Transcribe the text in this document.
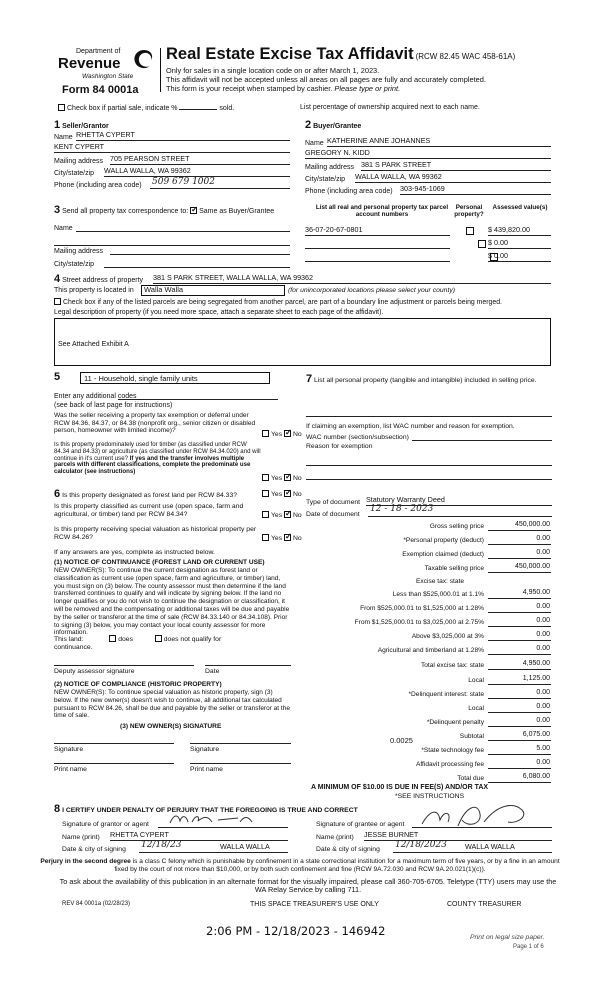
Department of
Revenue
Washington State
Form 84 0001a
Real Estate Excise Tax Affidavit (RCW 82.45 WAC 458-61A)
Only for sales in a single location code on or after March 1, 2023.
This affidavit will not be accepted unless all areas on all pages are fully and accurately completed.
This form is your receipt when stamped by cashier. Please type or print.
Check box if partial sale, indicate %	sold.	List percentage of ownership acquired next to each name.
1 Seller/Grantor
Name RHETTA CYPERT
KENT CYPERT
Mailing address 705 PEARSON STREET
City/state/zip WALLA WALLA, WA 99362
Phone (including area code) 509 679 1002
2 Buyer/Grantee
Name KATHERINE ANNE JOHANNES
GREGORY N. KIDD
Mailing address 381 S PARK STREET
City/state/zip WALLA WALLA, WA 99362
Phone (including area code) 303-945-1069
3 Send all property tax correspondence to: ✓ Same as Buyer/Grantee
Name
Mailing address
City/state/zip
List all real and personal property tax parcel account numbers
Personal property?
Assessed value(s)
36-07-20-67-0801
	$ 439,820.00
$ 0.00
$ 0.00
4 Street address of property 381 S PARK STREET, WALLA WALLA, WA 99362
This property is located in	Walla Walla	(for unincorporated locations please select your county)
Check box if any of the listed parcels are being segregated from another parcel, are part of a boundary line adjustment or parcels being merged.
Legal description of property (if you need more space, attach a separate sheet to each page of the affidavit).
See Attached Exhibit A
5	11 - Household, single family units
Enter any additional codes
(see back of last page for instructions)
Was the seller receiving a property tax exemption or deferral under RCW 84.36, 84.37, or 84.38 (nonprofit org., senior citizen or disabled person, homeowner with limited income)?
Yes ✓ No
Is this property predominately used for timber (as classified under RCW 84.34 and 84.33) or agriculture (as classified under RCW 84.34.020) and will continue in it's current use? If yes and the transfer involves multiple parcels with different classifications, complete the predominate use calculator (see instructions)
Yes ✓ No
6 Is this property designated as forest land per RCW 84.33?	Yes ✓ No
Is this property classified as current use (open space, farm and agricultural, or timber) land per RCW 84.34?	Yes ✓ No
Is this property receiving special valuation as historical property per RCW 84.26?	Yes ✓ No
If any answers are yes, complete as instructed below.
(1) NOTICE OF CONTINUANCE (FOREST LAND OR CURRENT USE)
NEW OWNER(S): To continue the current designation as forest land or classification as current use (open space, farm and agriculture, or timber) land, you must sign on (3) below. The county assessor must then determine if the land transferred continues to qualify and will indicate by signing below. If the land no longer qualifies or you do not wish to continue the designation or classification, it will be removed and the compensating or additional taxes will be due and payable by the seller or transferor at the time of sale (RCW 84.33.140 or 84.34.108). Prior to signing (3) below, you may contact your local county assessor for more information.
This land:	does	does not qualify for
continuance.
Deputy assessor signature	Date
(2) NOTICE OF COMPLIANCE (HISTORIC PROPERTY)
NEW OWNER(S): To continue special valuation as historic property, sign (3) below. If the new owner(s) doesn't wish to continue, all additional tax calculated pursuant to RCW 84.26, shall be due and payable by the seller or transferor at the time of sale.
(3) NEW OWNER(S) SIGNATURE
Signature	Signature
Print name	Print name
7 List all personal property (tangible and intangible) included in selling price.
If claiming an exemption, list WAC number and reason for exemption.
WAC number (section/subsection)
Reason for exemption
Type of document Statutory Warranty Deed
Date of document
12 - 18 - 2023
Gross selling price	450,000.00
*Personal property (deduct)	0.00
Exemption claimed (deduct)	0.00
Taxable selling price	450,000.00
Excise tax: state
Less than $525,000.01 at 1.1%	4,950.00
From $525,000.01 to $1,525,000 at 1.28%	0.00
From $1,525,000.01 to $3,025,000 at 2.75%	0.00
Above $3,025,000 at 3%	0.00
Agricultural and timberland at 1.28%	0.00
Total excise tax: state	4,950.00
Local	1,125.00
*Delinquent interest: state	0.00
Local	0.00
*Delinquent penalty	0.00
Subtotal	6,075.00
*State technology fee	5.00
Affidavit processing fee	0.00
Total due	6,080.00
0.0025
A MINIMUM OF $10.00 IS DUE IN FEE(S) AND/OR TAX
*SEE INSTRUCTIONS
8 I CERTIFY UNDER PENALTY OF PERJURY THAT THE FOREGOING IS TRUE AND CORRECT
Signature of grantor or agent
Name (print) RHETTA CYPERT
Date & city of signing 12/18/23	WALLA WALLA
Signature of grantee or agent
Name (print) JESSE BURNET
Date & city of signing 12/18/2023	WALLA WALLA
Perjury in the second degree is a class C felony which is punishable by confinement in a state correctional institution for a maximum term of five years, or by a fine in an amount fixed by the court of not more than $10,000, or by both such confinement and fine (RCW 9A.72.030 and RCW 9A.20.021(1)(c)).
To ask about the availability of this publication in an alternate format for the visually impaired, please call 360-705-6705. Teletype (TTY) users may use the WA Relay Service by calling 711.
REV 84 0001a (02/28/23)	THIS SPACE TREASURER'S USE ONLY	COUNTY TREASURER
2:06 PM - 12/18/2023 - 146942	Print on legal size paper.
Page 1 of 6
